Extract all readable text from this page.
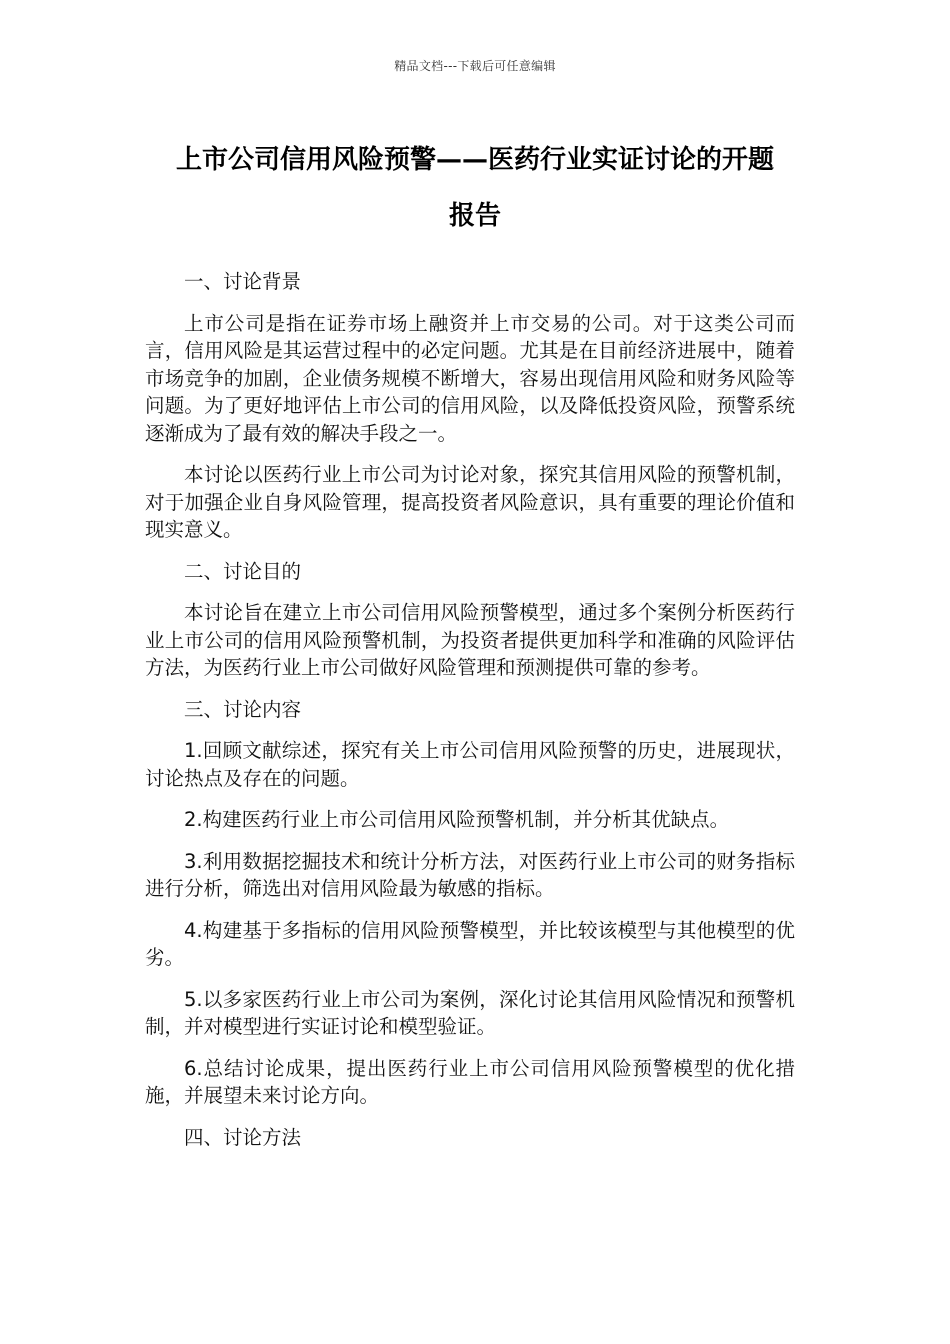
精品文档---下载后可任意编辑
上市公司信用风险预警——医药行业实证讨论的开题
报告

一、讨论背景

上市公司是指在证券市场上融资并上市交易的公司。对于这类公司而言，信用风险是其运营过程中的必定问题。尤其是在目前经济进展中，随着市场竞争的加剧，企业债务规模不断增大，容易出现信用风险和财务风险等问题。为了更好地评估上市公司的信用风险，以及降低投资风险，预警系统逐渐成为了最有效的解决手段之一。

本讨论以医药行业上市公司为讨论对象，探究其信用风险的预警机制，对于加强企业自身风险管理，提高投资者风险意识，具有重要的理论价值和现实意义。

二、讨论目的

本讨论旨在建立上市公司信用风险预警模型，通过多个案例分析医药行业上市公司的信用风险预警机制，为投资者提供更加科学和准确的风险评估方法，为医药行业上市公司做好风险管理和预测提供可靠的参考。

三、讨论内容

1.回顾文献综述，探究有关上市公司信用风险预警的历史，进展现状，讨论热点及存在的问题。

2.构建医药行业上市公司信用风险预警机制，并分析其优缺点。

3.利用数据挖掘技术和统计分析方法，对医药行业上市公司的财务指标进行分析，筛选出对信用风险最为敏感的指标。

4.构建基于多指标的信用风险预警模型，并比较该模型与其他模型的优劣。

5.以多家医药行业上市公司为案例，深化讨论其信用风险情况和预警机制，并对模型进行实证讨论和模型验证。

6.总结讨论成果，提出医药行业上市公司信用风险预警模型的优化措施，并展望未来讨论方向。

四、讨论方法
